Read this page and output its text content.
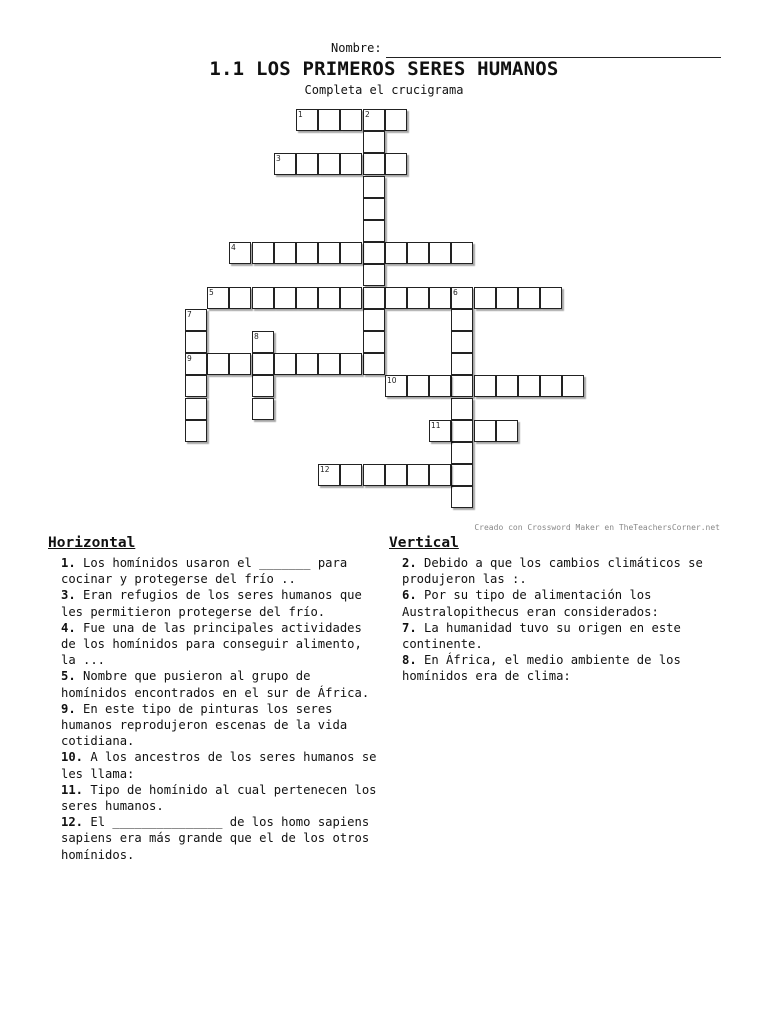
Nombre:
1.1 LOS PRIMEROS SERES HUMANOS
Completa el crucigrama
1	2
3
4
5	6
7
9
8
10
11
12
Creado con Crossword Maker en TheTeachersCorner.net
Horizontal
1. Los homínidos usaron el _______ para cocinar y protegerse del frío ..
3. Eran refugios de los seres humanos que les permitieron protegerse del frío.
4. Fue una de las principales actividades de los homínidos para conseguir alimento, la ...
5. Nombre que pusieron al grupo de homínidos encontrados en el sur de África.
9. En este tipo de pinturas los seres humanos reprodujeron escenas de la vida cotidiana.
10. A los ancestros de los seres humanos se les llama:
11. Tipo de homínido al cual pertenecen los seres humanos.
12. El _______________ de los homo sapiens sapiens era más grande que el de los otros homínidos.
Vertical
2. Debido a que los cambios climáticos se produjeron las :.
6. Por su tipo de alimentación los Australopithecus eran considerados:
7. La humanidad tuvo su origen en este continente.
8. En África, el medio ambiente de los homínidos era de clima:
